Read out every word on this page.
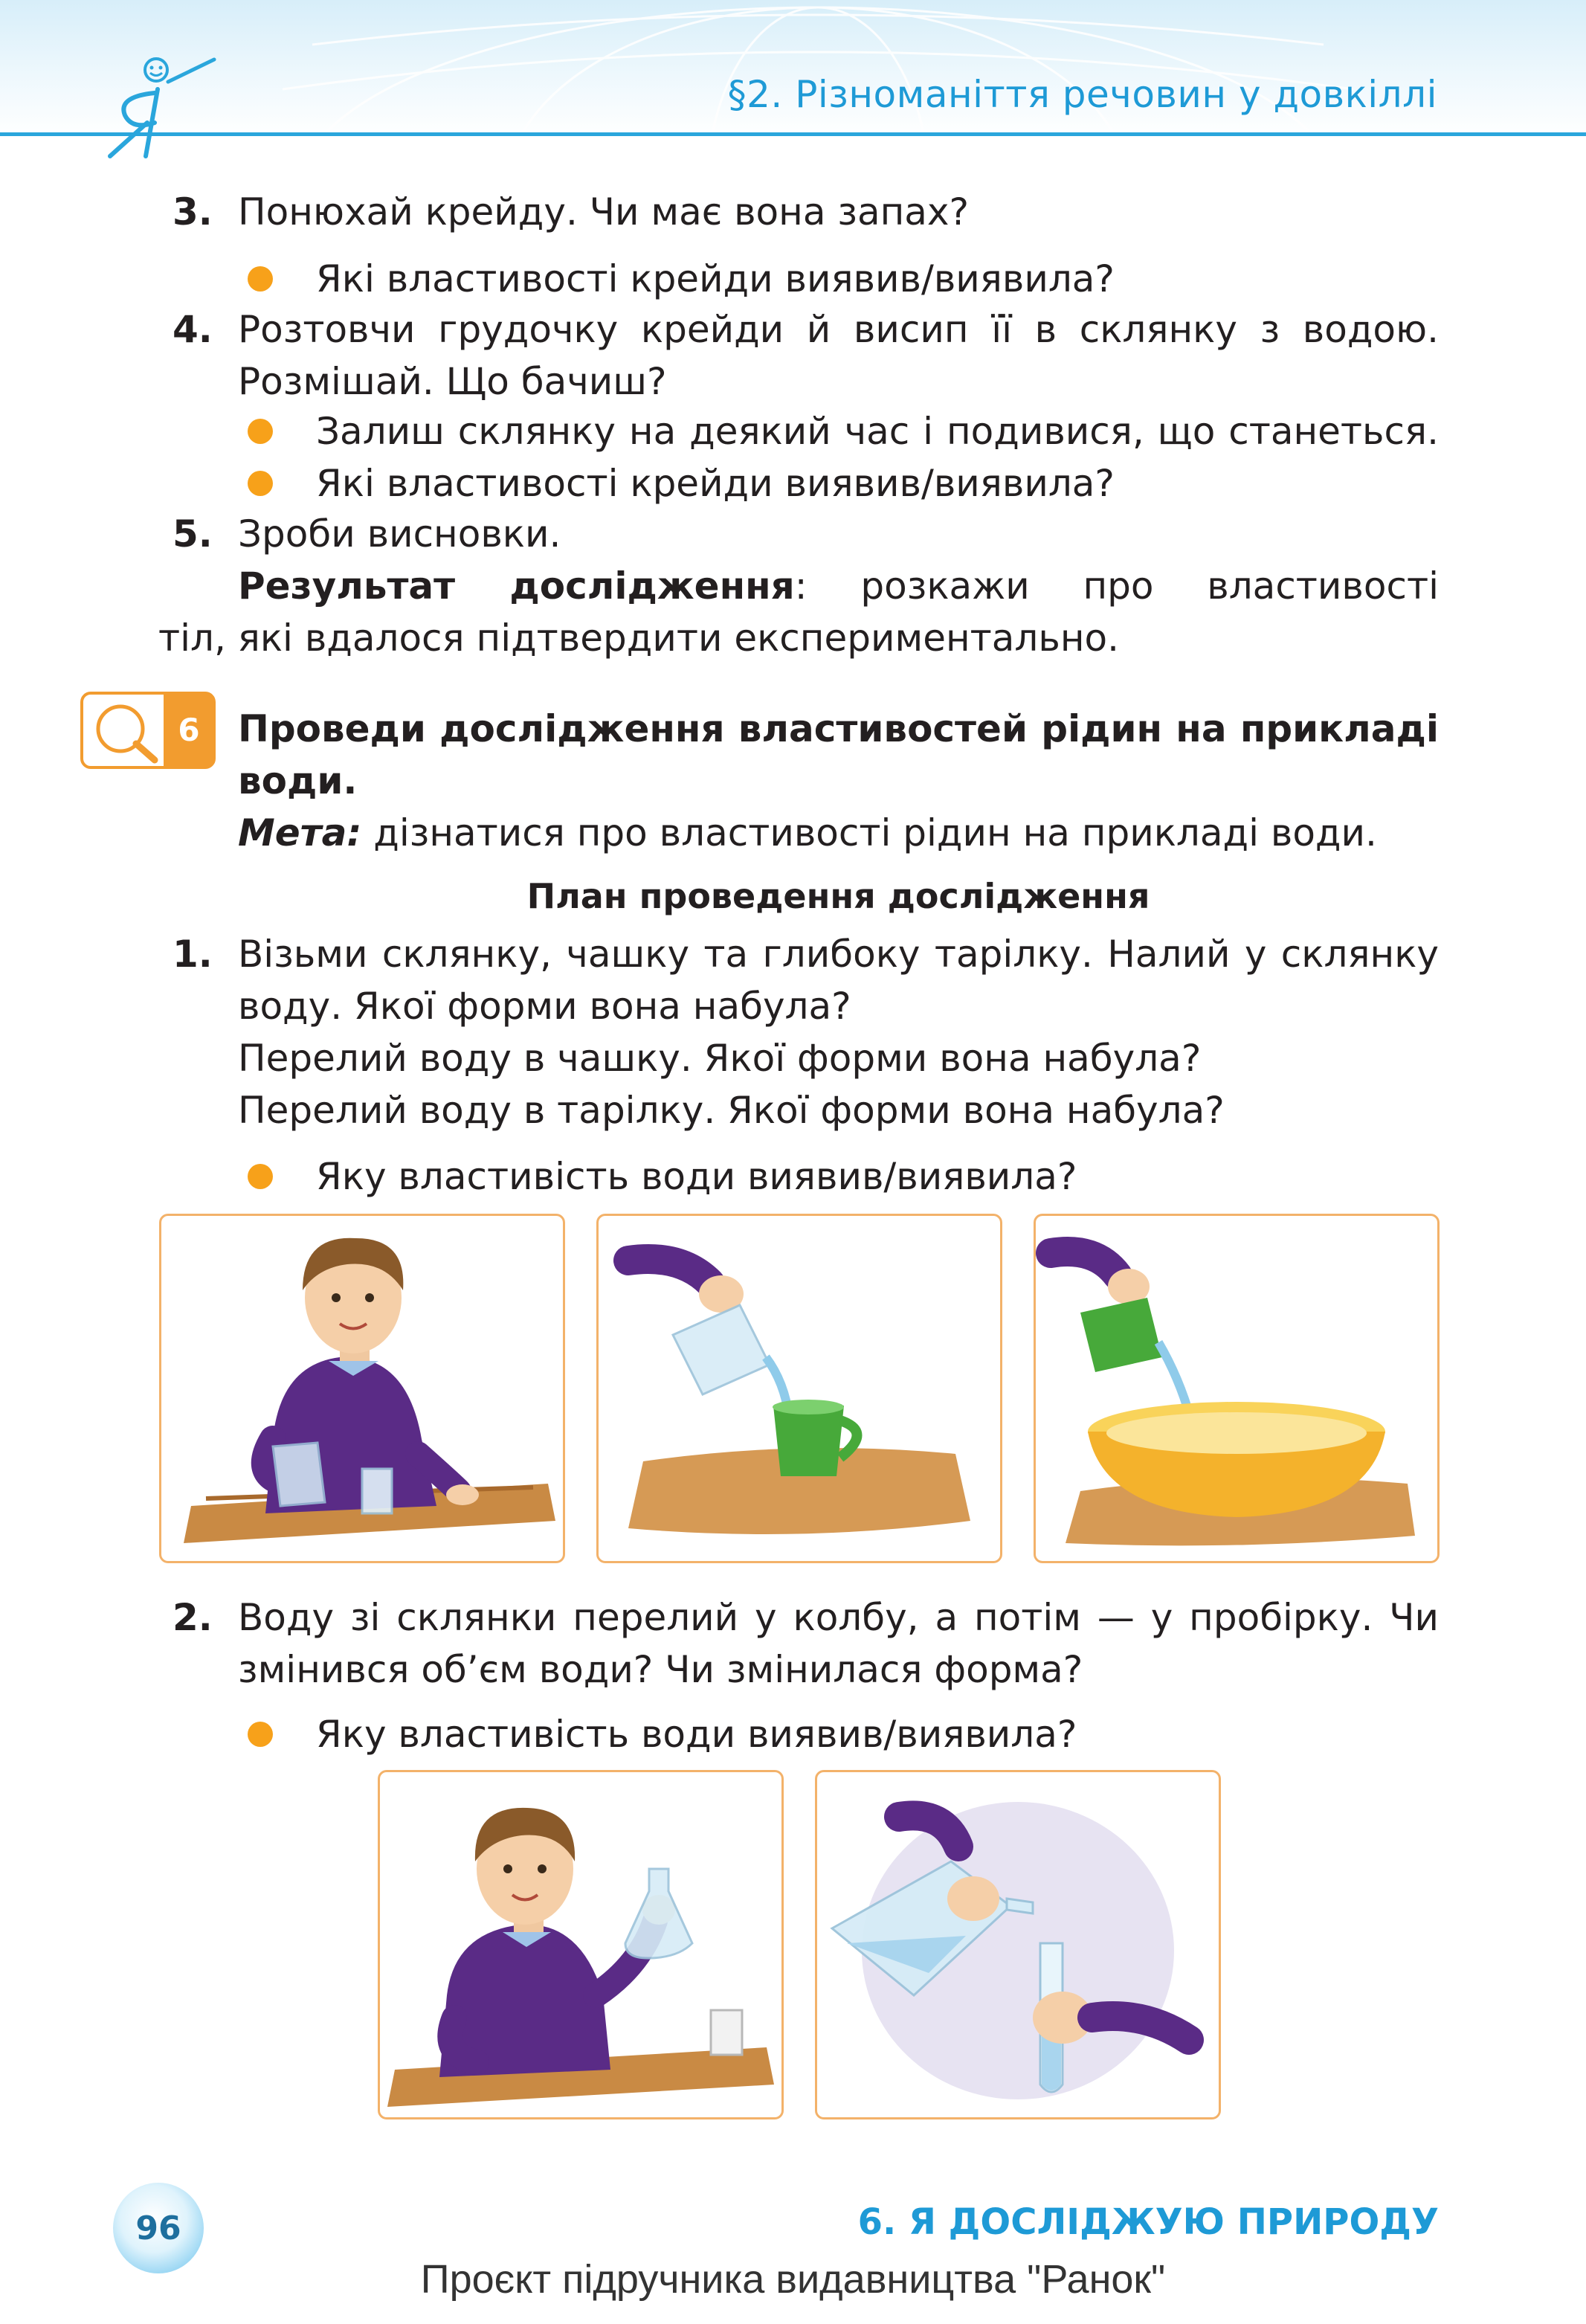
§2. Різноманіття речовин у довкіллі
3. Понюхай крейду. Чи має вона запах?
Які властивості крейди виявив/виявила?
4. Розтовчи грудочку крейди й висип її в склянку з водою.
Розмішай. Що бачиш?
Залиш склянку на деякий час і подивися, що станеться.
Які властивості крейди виявив/виявила?
5. Зроби висновки.
Результат дослідження: розкажи про властивості
тіл, які вдалося підтвердити експериментально.
6 Проведи дослідження властивостей рідин на прикладі
води.
Мета: дізнатися про властивості рідин на прикладі води.
План проведення дослідження
1. Візьми склянку, чашку та глибоку тарілку. Налий у склянку
воду. Якої форми вона набула?
Перелий воду в чашку. Якої форми вона набула?
Перелий воду в тарілку. Якої форми вона набула?
Яку властивість води виявив/виявила?
2. Воду зі склянки перелий у колбу, а потім — у пробірку. Чи
змінився об’єм води? Чи змінилася форма?
Яку властивість води виявив/виявила?
96	6. Я ДОСЛІДЖУЮ ПРИРОДУ
Проєкт підручника видавництва "Ранок"
